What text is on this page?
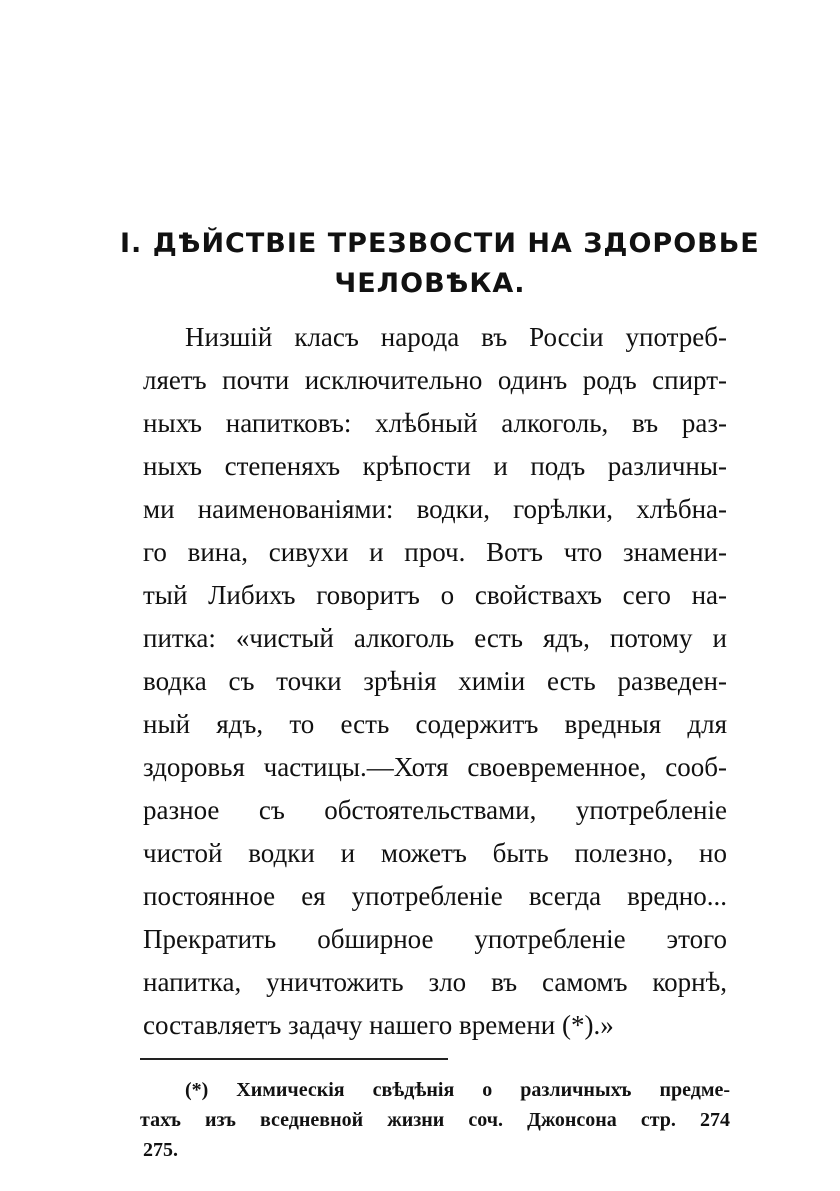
I. ДѢЙСТВІЕ ТРЕЗВОСТИ НА ЗДОРОВЬЕ
ЧЕЛОВѢКА.

Низшій класъ народа въ Россіи употреб-

ляетъ почти исключительно одинъ родъ спирт-

ныхъ напитковъ: хлѣбный алкоголь, въ раз-

ныхъ степеняхъ крѣпости и подъ различны-

ми наименованіями: водки, горѣлки, хлѣбна-

го вина, сивухи и проч. Вотъ что знамени-

тый Либихъ говоритъ о свойствахъ сего на-

питка: «чистый алкоголь есть ядъ, потому и

водка съ точки зрѣнія химіи есть разведен-

ный ядъ, то есть содержитъ вредныя для

здоровья частицы.—Хотя своевременное, сооб-

разное съ обстоятельствами, употребленіе

чистой водки и можетъ быть полезно, но

постоянное ея употребленіе всегда вредно...

Прекратить обширное употребленіе этого

напитка, уничтожить зло въ самомъ корнѣ,

составляетъ задачу нашего времени (*).»

(*) Химическія свѣдѣнія о различныхъ предме-

тахъ изъ вседневной жизни соч. Джонсона стр. 274

275.
